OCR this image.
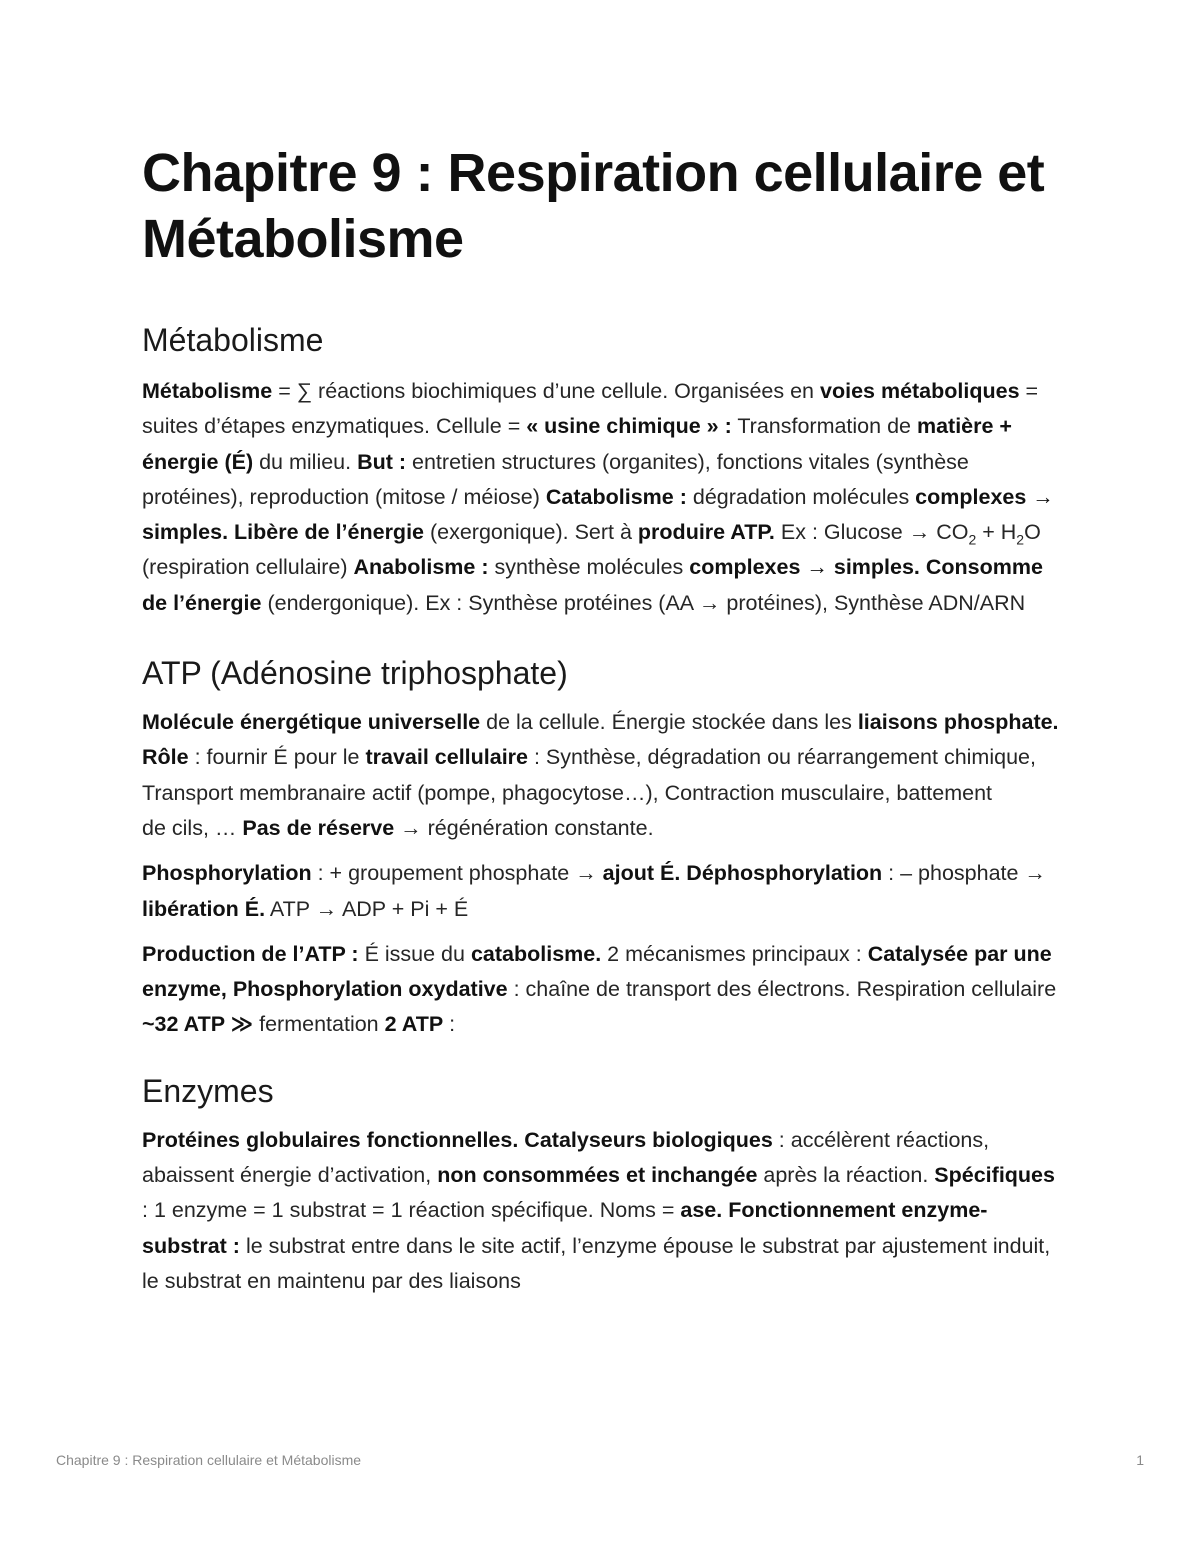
Chapitre 9 : Respiration cellulaire et Métabolisme
Métabolisme

Métabolisme = ∑ réactions biochimiques d’une cellule. Organisées en voies métaboliques = suites d’étapes enzymatiques. Cellule = « usine chimique » : Transformation de matière + énergie (É) du milieu. But : entretien structures (organites), fonctions vitales (synthèse protéines), reproduction (mitose / méiose) Catabolisme : dégradation molécules complexes → simples. Libère de l’énergie (exergonique). Sert à produire ATP. Ex : $Glucose \to CO_2 + H_2O$ (respiration cellulaire) Anabolisme : synthèse molécules complexes → simples. Consomme de l’énergie (endergonique). Ex : Synthèse protéines (AA → protéines), Synthèse ADN/ARN

ATP (Adénosine triphosphate)

Molécule énergétique universelle de la cellule. Énergie stockée dans les liaisons phosphate. Rôle : fournir É pour le travail cellulaire : Synthèse, dégradation ou réarrangement chimique, Transport membranaire actif (pompe, phagocytose…), Contraction musculaire, battement
de cils, … Pas de réserve → régénération constante.

Phosphorylation : + groupement phosphate → ajout É. Déphosphorylation : – phosphate → libération É. ATP → ADP + Pi + É

Production de l’ATP : É issue du catabolisme. 2 mécanismes principaux : Catalysée par une enzyme, Phosphorylation oxydative : chaîne de transport des électrons. Respiration cellulaire ~32 ATP ≫ fermentation 2 ATP :

Enzymes

Protéines globulaires fonctionnelles. Catalyseurs biologiques : accélèrent réactions, abaissent énergie d’activation, non consommées et inchangée après la réaction. Spécifiques : 1 enzyme = 1 substrat = 1 réaction spécifique. Noms = ase. Fonctionnement enzyme-substrat : le substrat entre dans le site actif, l’enzyme épouse le substrat par ajustement induit, le substrat en maintenu par des liaisons

Chapitre 9 : Respiration cellulaire et Métabolisme	1
